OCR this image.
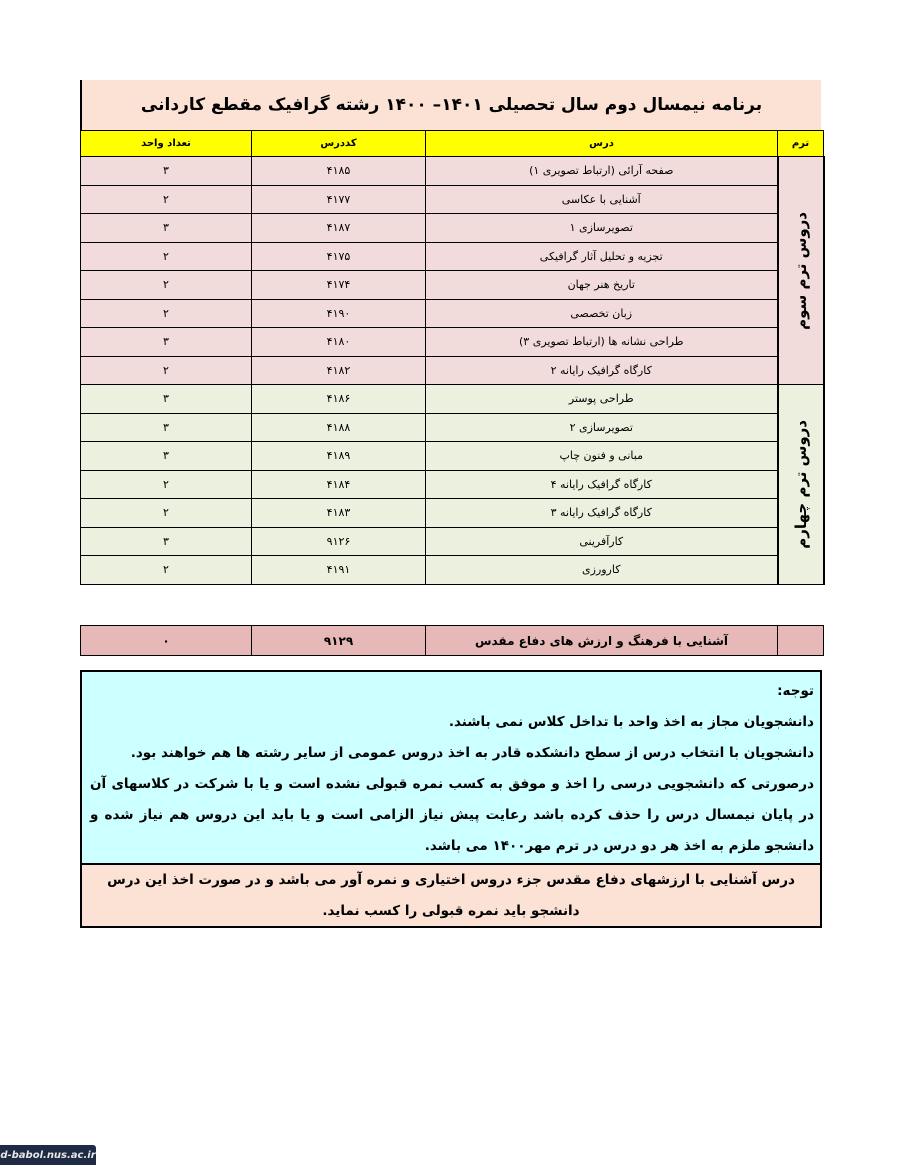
برنامه نیمسال دوم سال تحصیلی ۱۴۰۱– ۱۴۰۰ رشته گرافیک مقطع کاردانی
ترم	درس	کددرس	تعداد واحد

دروس ترم سوم	صفحه آرائی (ارتباط تصویری ۱)	۴۱۸۵	۳
	آشنایی با عکاسی	۴۱۷۷	۲
	تصویرسازی ۱	۴۱۸۷	۳
	تجزیه و تحلیل آثار گرافیکی	۴۱۷۵	۲
	تاریخ هنر جهان	۴۱۷۴	۲
	زبان تخصصی	۴۱۹۰	۲
	طراحی نشانه ها (ارتباط تصویری ۳)	۴۱۸۰	۳
	کارگاه گرافیک رایانه ۲	۴۱۸۲	۲

دروس ترم چهارم	طراحی پوستر	۴۱۸۶	۳
	تصویرسازی ۲	۴۱۸۸	۳
	مبانی و فنون چاپ	۴۱۸۹	۳
	کارگاه گرافیک رایانه ۴	۴۱۸۴	۲
	کارگاه گرافیک رایانه ۳	۴۱۸۳	۲
	کارآفرینی	۹۱۲۶	۳
	کارورزی	۴۱۹۱	۲
	آشنایی با فرهنگ و ارزش های دفاع مقدس	۹۱۲۹	۰

توجه:

دانشجویان مجاز به اخذ واحد با تداخل کلاس نمی باشند.

دانشجویان با انتخاب درس از سطح دانشکده قادر به اخذ دروس عمومی از سایر رشته ها هم خواهند بود.

درصورتی که دانشجویی درسی را اخذ و موفق به کسب نمره قبولی نشده است و یا با شرکت در کلاسهای آن در پایان نیمسال درس را حذف کرده باشد رعایت پیش نیاز الزامی است و یا باید این دروس هم نیاز شده و دانشجو ملزم به اخذ هر دو درس در ترم مهر۱۴۰۰ می باشد.

درس آشنایی با ارزشهای دفاع مقدس جزء دروس اختیاری و نمره آور می باشد و در صورت اخذ این درس دانشجو باید نمره قبولی را کسب نماید.
d-babol.nus.ac.ir
